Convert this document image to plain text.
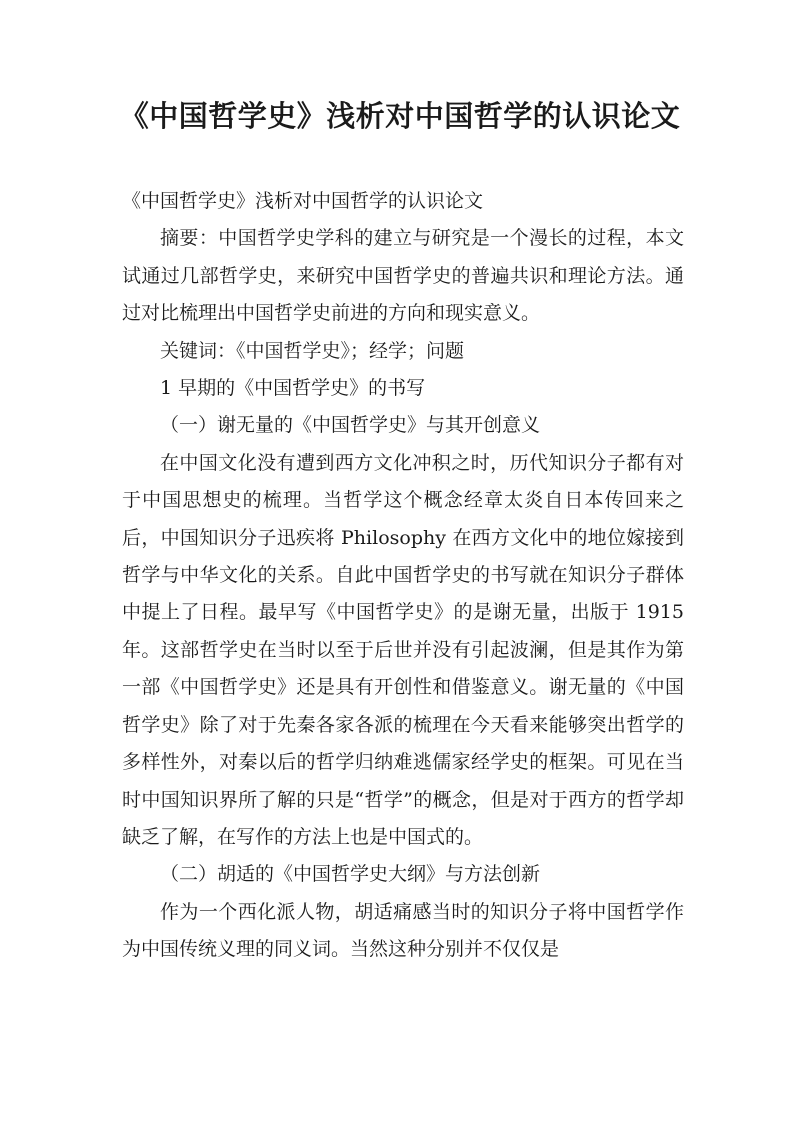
《中国哲学史》浅析对中国哲学的认识论文

《中国哲学史》浅析对中国哲学的认识论文

摘要：中国哲学史学科的建立与研究是一个漫长的过程，本文试通过几部哲学史，来研究中国哲学史的普遍共识和理论方法。通过对比梳理出中国哲学史前进的方向和现实意义。

关键词：《中国哲学史》；经学；问题

1 早期的《中国哲学史》的书写

（一）谢无量的《中国哲学史》与其开创意义

在中国文化没有遭到西方文化冲积之时，历代知识分子都有对于中国思想史的梳理。当哲学这个概念经章太炎自日本传回来之后，中国知识分子迅疾将 Philosophy 在西方文化中的地位嫁接到哲学与中华文化的关系。自此中国哲学史的书写就在知识分子群体中提上了日程。最早写《中国哲学史》的是谢无量，出版于 1915 年。这部哲学史在当时以至于后世并没有引起波澜，但是其作为第一部《中国哲学史》还是具有开创性和借鉴意义。谢无量的《中国哲学史》除了对于先秦各家各派的梳理在今天看来能够突出哲学的多样性外，对秦以后的哲学归纳难逃儒家经学史的框架。可见在当时中国知识界所了解的只是“哲学”的概念，但是对于西方的哲学却缺乏了解，在写作的方法上也是中国式的。

（二）胡适的《中国哲学史大纲》与方法创新

作为一个西化派人物，胡适痛感当时的知识分子将中国哲学作为中国传统义理的同义词。当然这种分别并不仅仅是
